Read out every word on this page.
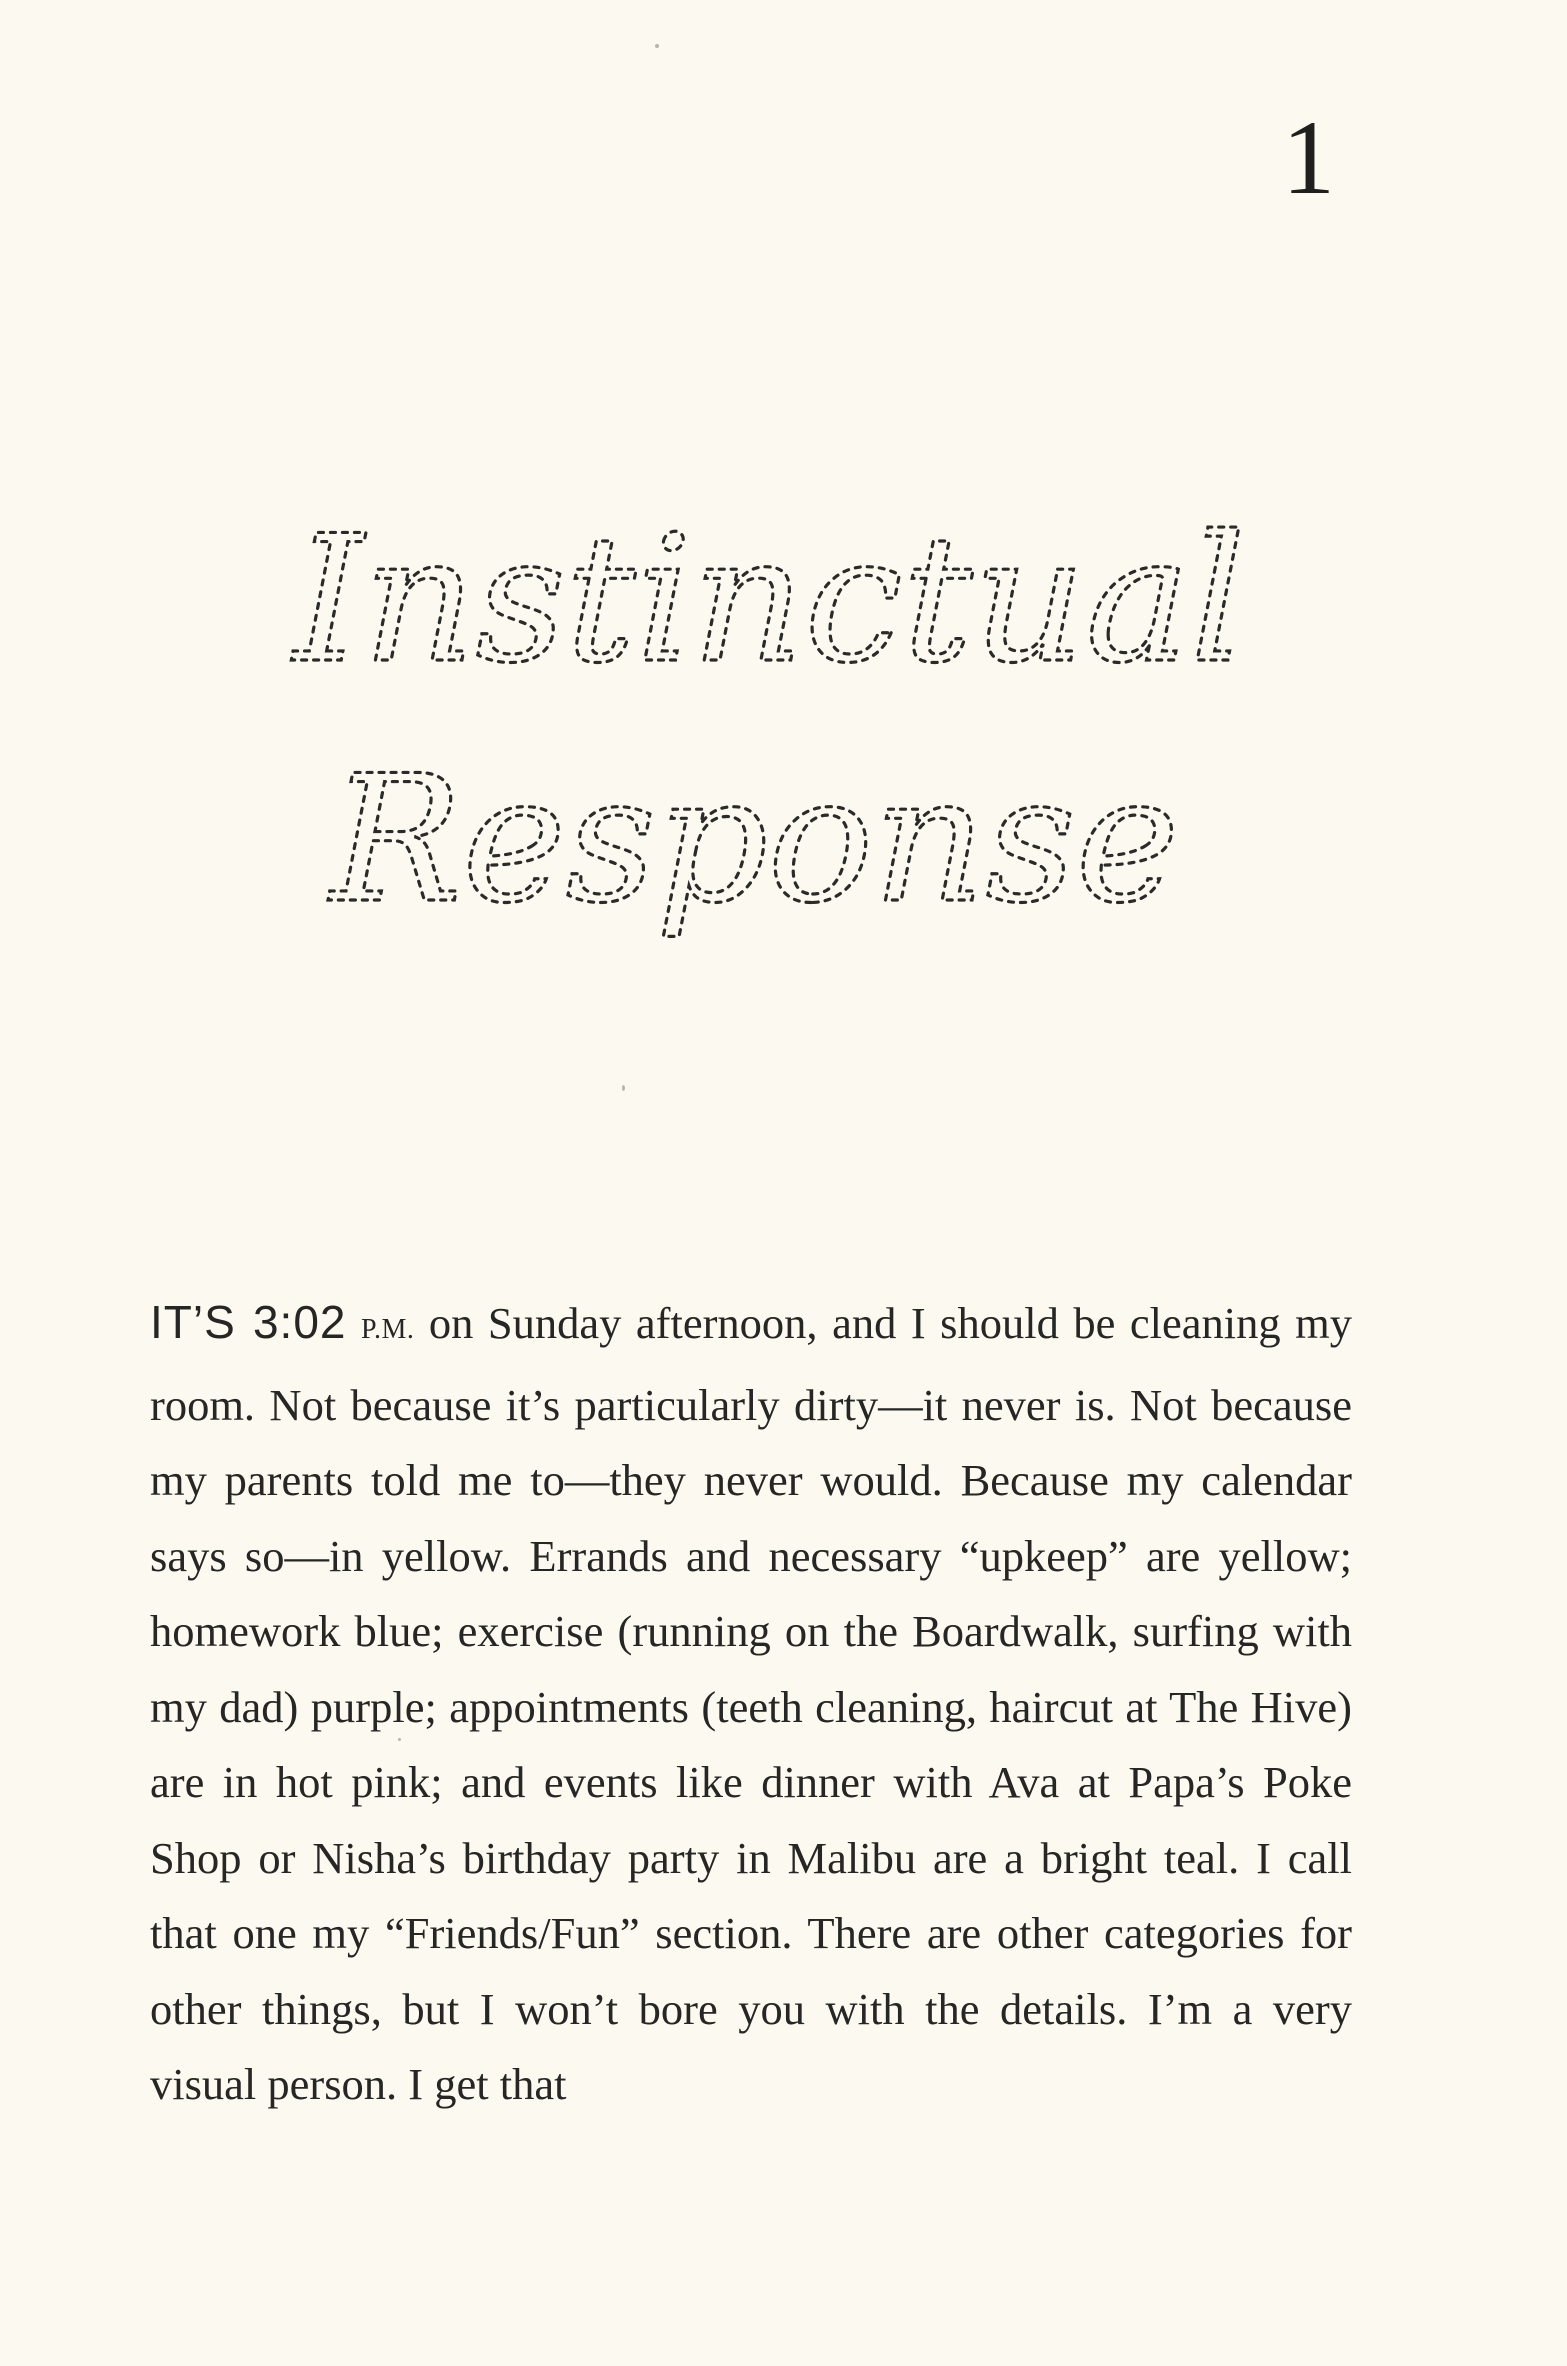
1
Instinctual
Response

IT’S 3:02 P.M. on Sunday afternoon, and I should be cleaning my room. Not because it’s particularly dirty—it never is. Not because my parents told me to—they never would. Because my calendar says so—in yellow. Errands and necessary “upkeep” are yellow; homework blue; exercise (running on the Boardwalk, surfing with my dad) purple; appointments (teeth cleaning, haircut at The Hive) are in hot pink; and events like dinner with Ava at Papa’s Poke Shop or Nisha’s birthday party in Malibu are a bright teal. I call that one my “Friends/Fun” section. There are other categories for other things, but I won’t bore you with the details. I’m a very visual person. I get that
